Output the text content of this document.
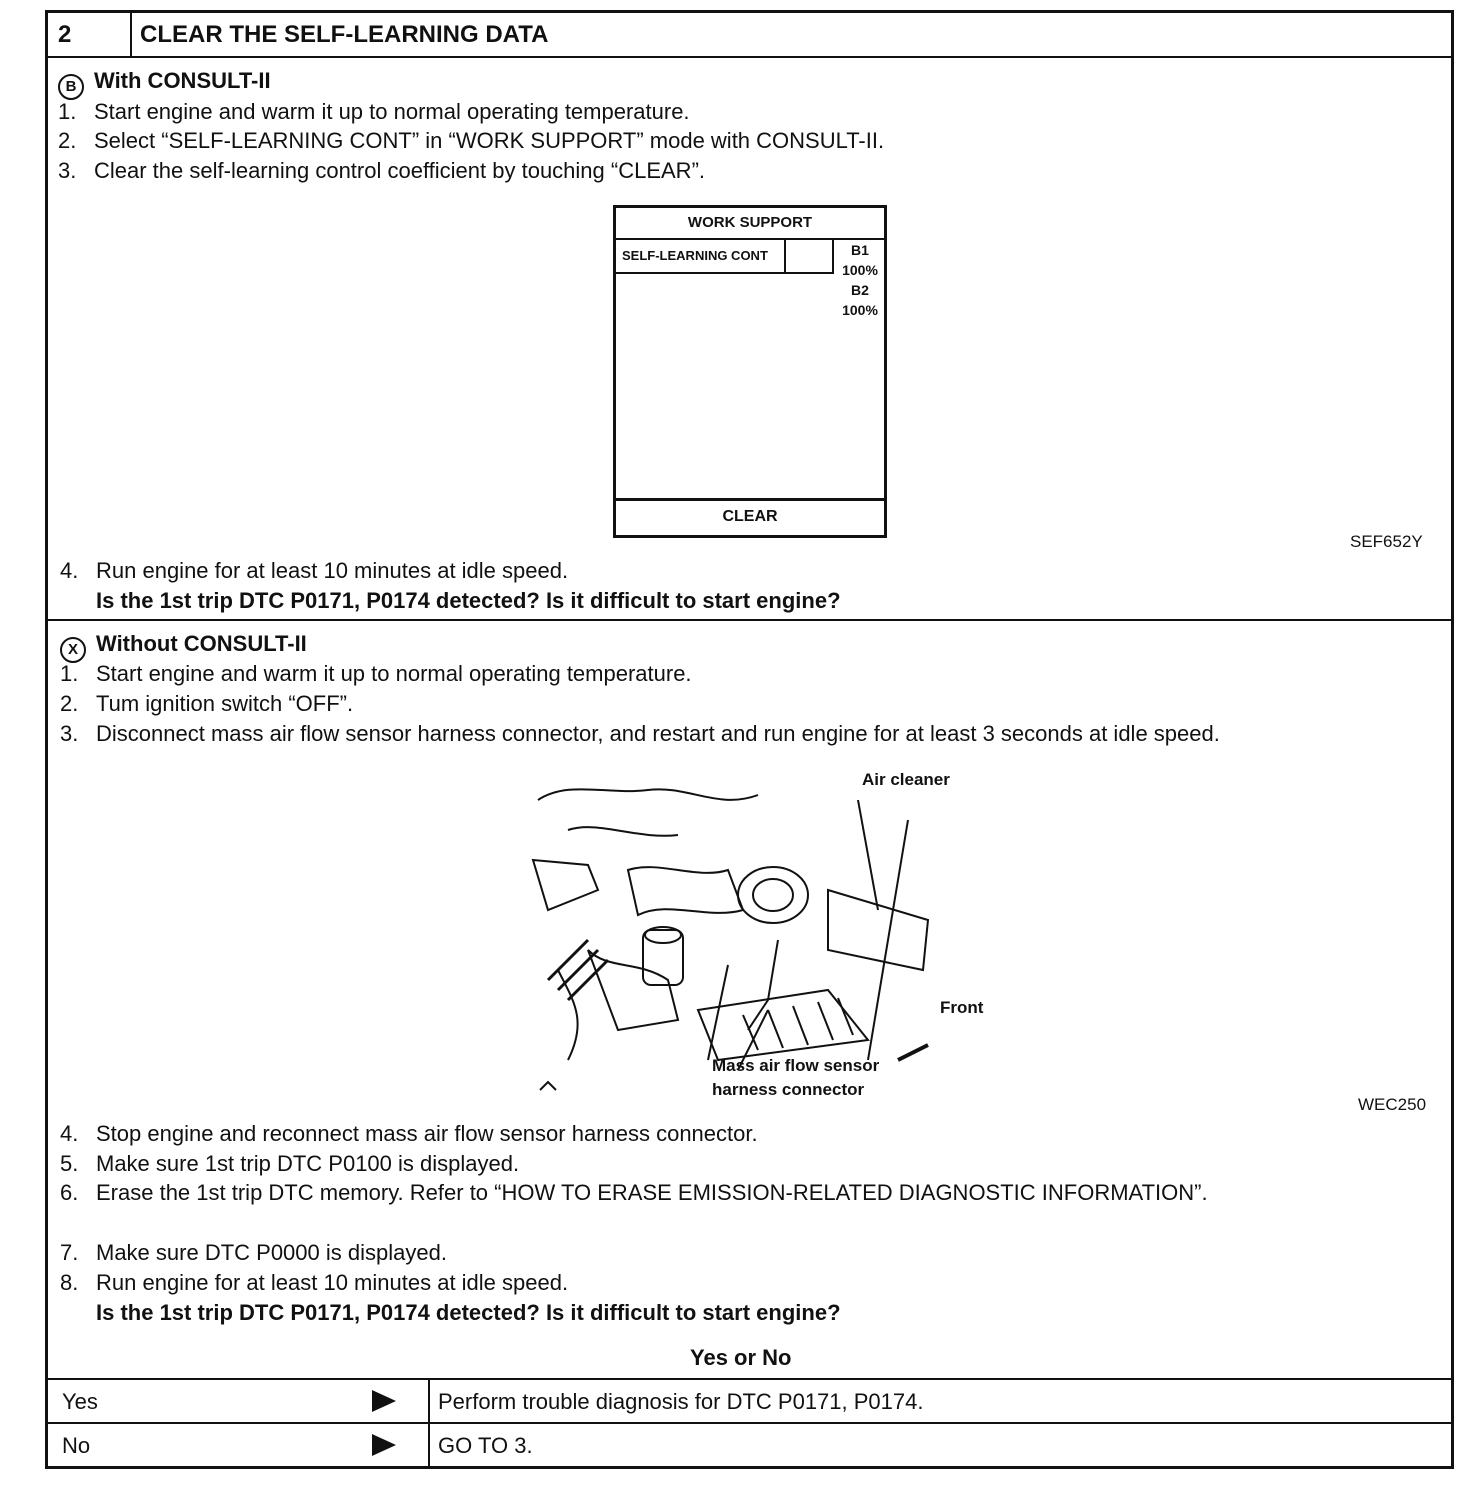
2	CLEAR THE SELF-LEARNING DATA
B With CONSULT-II
1. Start engine and warm it up to normal operating temperature.
2. Select “SELF-LEARNING CONT” in “WORK SUPPORT” mode with CONSULT-II.
3. Clear the self-learning control coefficient by touching “CLEAR”.
WORK SUPPORT
SELF-LEARNING CONT	B1
100%
B2
100%
CLEAR
SEF652Y
4. Run engine for at least 10 minutes at idle speed.
Is the 1st trip DTC P0171, P0174 detected? Is it difficult to start engine?
X Without CONSULT-II
1. Start engine and warm it up to normal operating temperature.
2. Tum ignition switch “OFF”.
3. Disconnect mass air flow sensor harness connector, and restart and run engine for at least 3 seconds at idle speed.
Air cleaner
Front
Mass air flow sensor
harness connector
WEC250
4. Stop engine and reconnect mass air flow sensor harness connector.
5. Make sure 1st trip DTC P0100 is displayed.
6. Erase the 1st trip DTC memory. Refer to “HOW TO ERASE EMISSION-RELATED DIAGNOSTIC INFORMATION”.
7. Make sure DTC P0000 is displayed.
8. Run engine for at least 10 minutes at idle speed.
Is the 1st trip DTC P0171, P0174 detected? Is it difficult to start engine?
Yes or No
Yes	Perform trouble diagnosis for DTC P0171, P0174.
No	GO TO 3.
